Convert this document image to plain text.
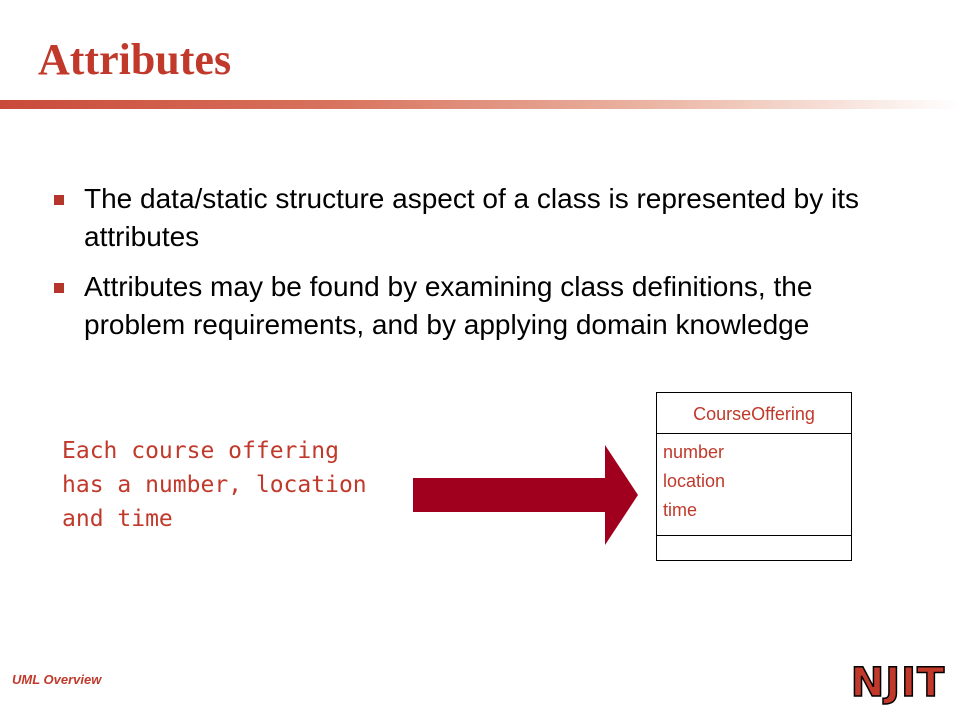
Attributes
The data/static structure aspect of a class is represented by its attributes
Attributes may be found by examining class definitions, the problem requirements, and by applying domain knowledge
Each course offering
has a number, location
and time
CourseOffering
number
location
time
UML Overview	NJIT
